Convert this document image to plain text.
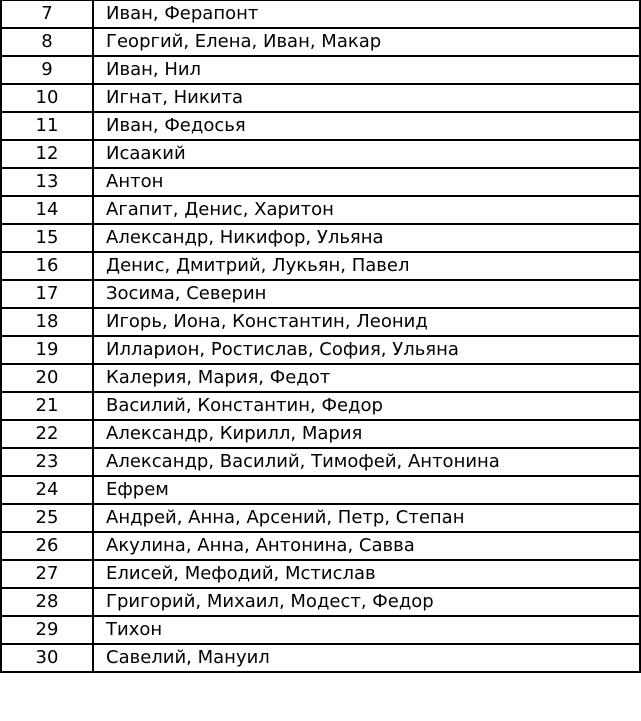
7	Иван, Ферапонт
8	Георгий, Елена, Иван, Макар
9	Иван, Нил
10	Игнат, Никита
11	Иван, Федосья
12	Исаакий
13	Антон
14	Агапит, Денис, Харитон
15	Александр, Никифор, Ульяна
16	Денис, Дмитрий, Лукьян, Павел
17	Зосима, Северин
18	Игорь, Иона, Константин, Леонид
19	Илларион, Ростислав, София, Ульяна
20	Калерия, Мария, Федот
21	Василий, Константин, Федор
22	Александр, Кирилл, Мария
23	Александр, Василий, Тимофей, Антонина
24	Ефрем
25	Андрей, Анна, Арсений, Петр, Степан
26	Акулина, Анна, Антонина, Савва
27	Елисей, Мефодий, Мстислав
28	Григорий, Михаил, Модест, Федор
29	Тихон
30	Савелий, Мануил
